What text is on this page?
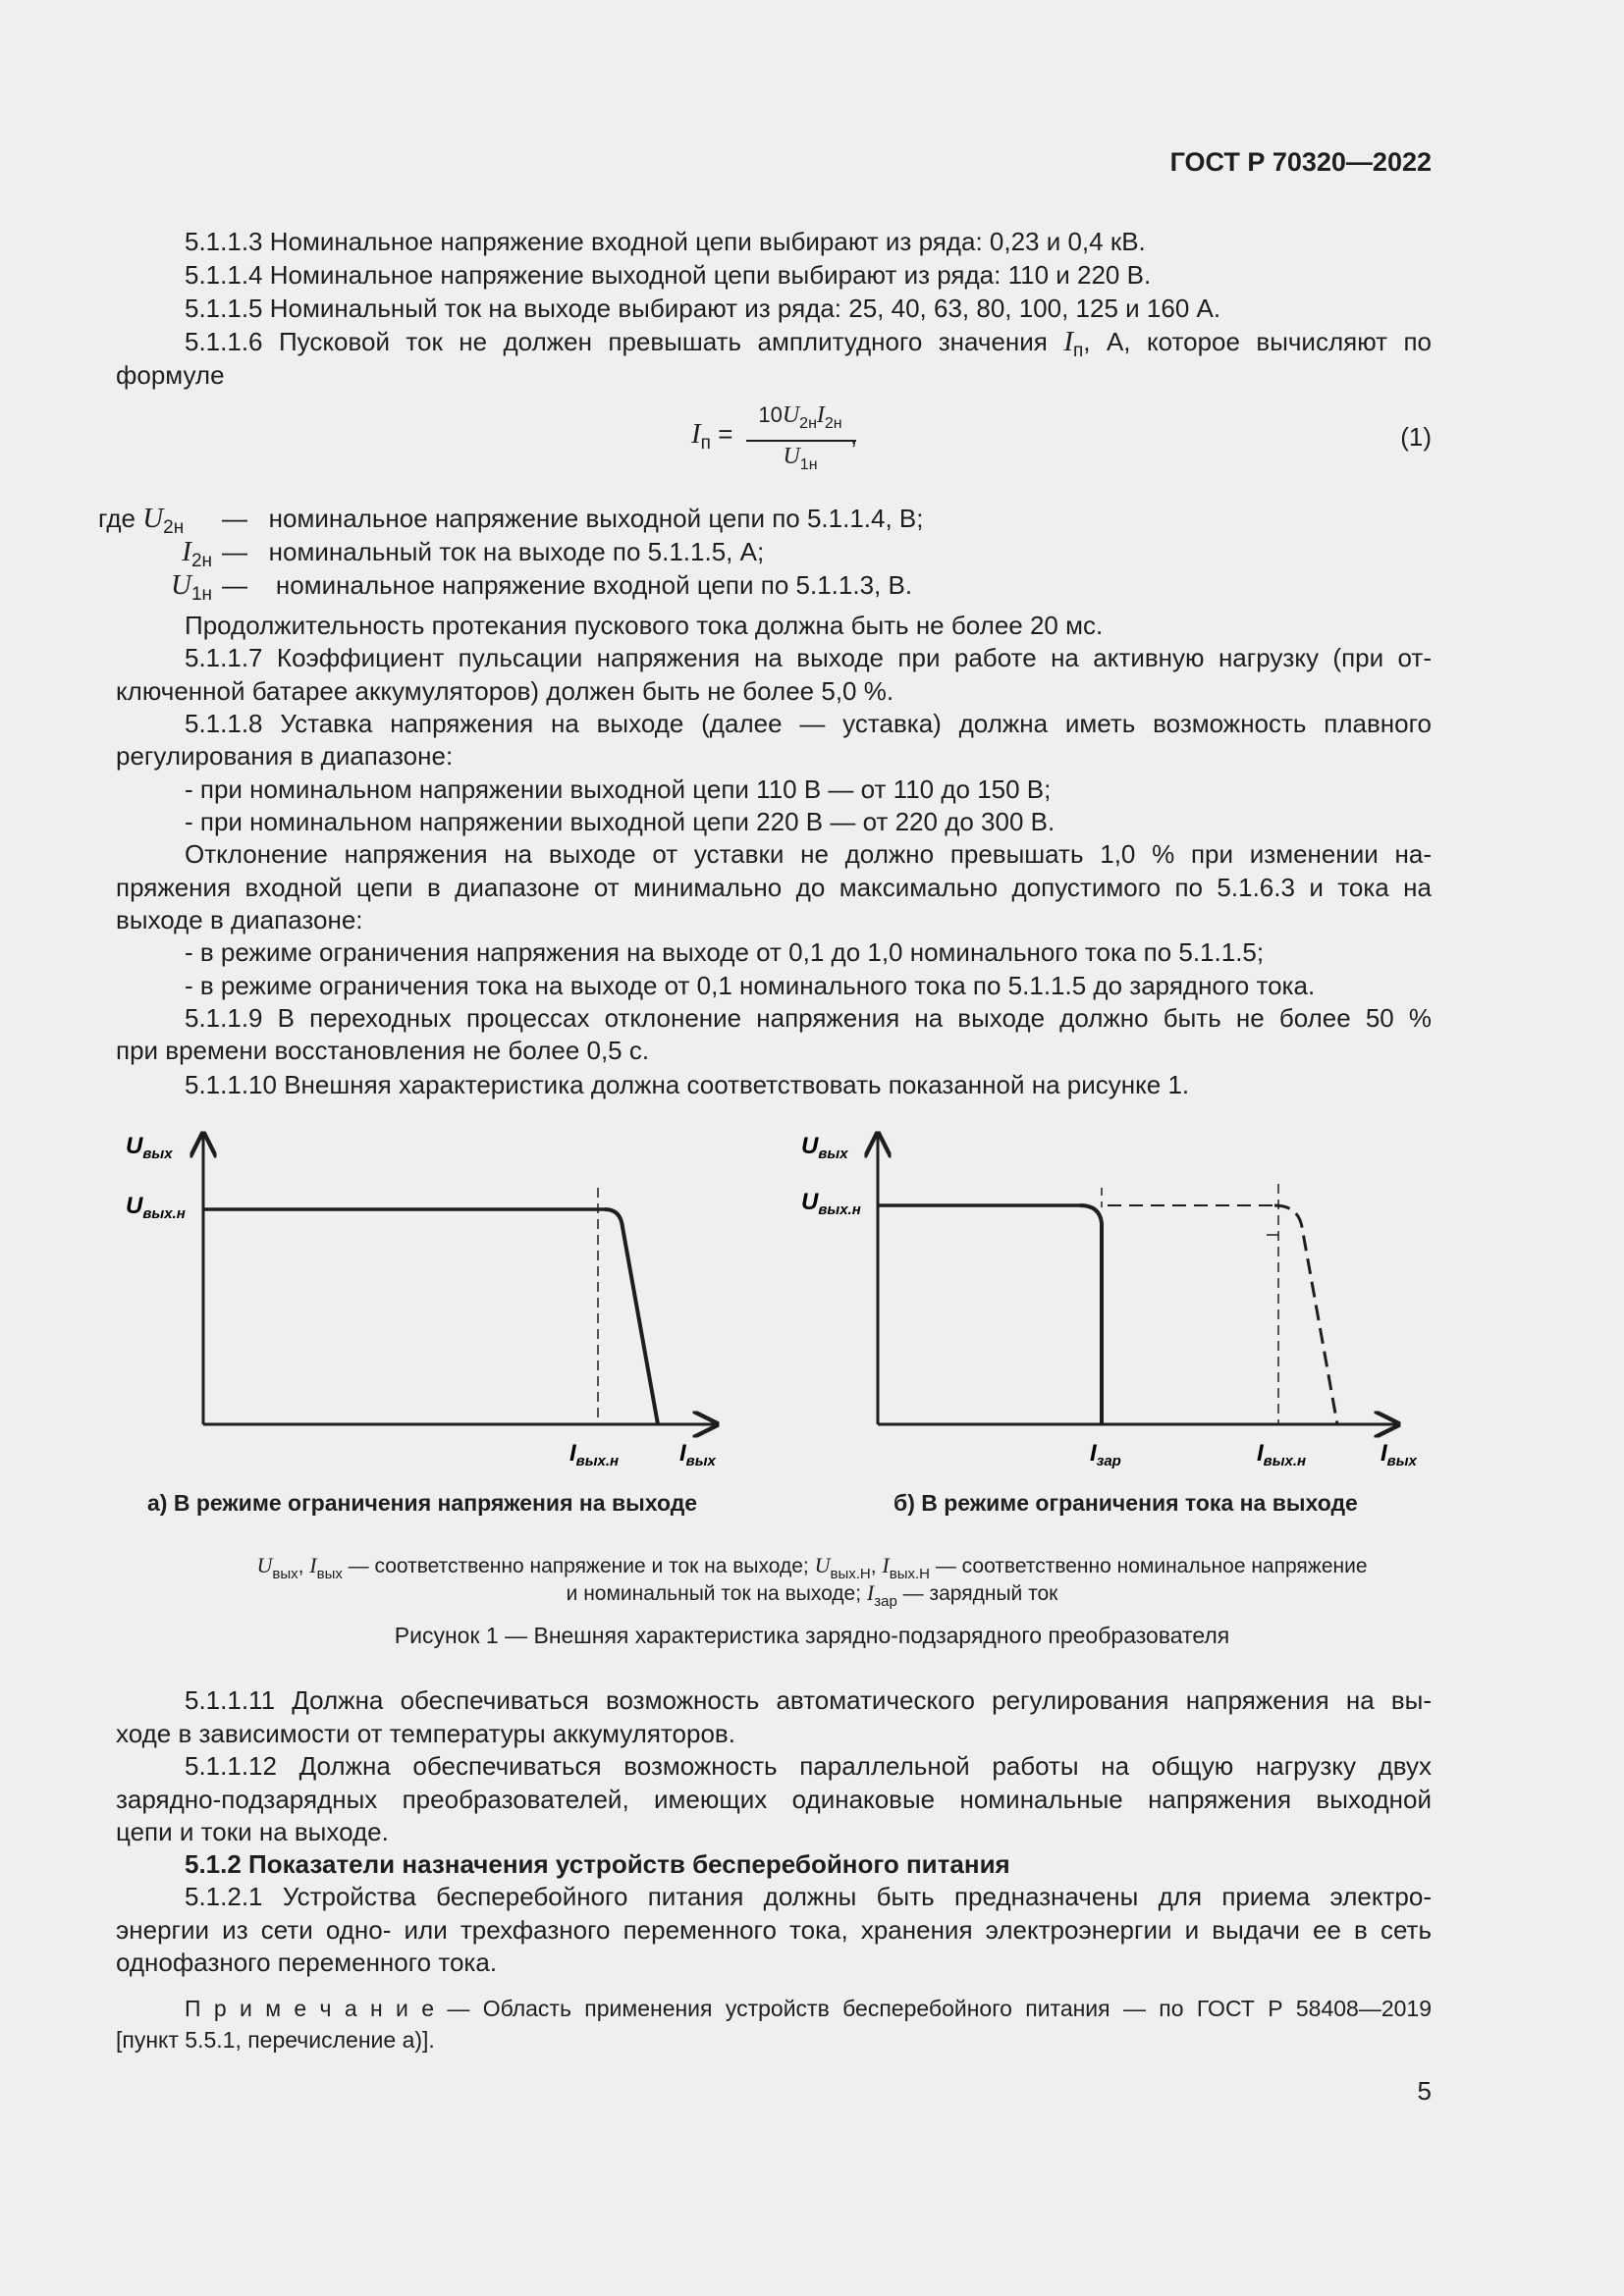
ГОСТ Р 70320—2022
5.1.1.3 Номинальное напряжение входной цепи выбирают из ряда: 0,23 и 0,4 кВ.
5.1.1.4 Номинальное напряжение выходной цепи выбирают из ряда: 110 и 220 В.
5.1.1.5 Номинальный ток на выходе выбирают из ряда: 25, 40, 63, 80, 100, 125 и 160 А.
5.1.1.6 Пусковой ток не должен превышать амплитудного значения $I_п$, А, которое вычисляют по
формуле
$I_п$ =
$10U_{2н}I_{2н}$
$U_{1н}$
,	(1)
где $U_{2н}$	— номинальное напряжение выходной цепи по 5.1.1.4, В;
$I_{2н}$ — номинальный ток на выходе по 5.1.1.5, А;
$U_{1н}$ — номинальное напряжение входной цепи по 5.1.1.3, В.
Продолжительность протекания пускового тока должна быть не более 20 мс.
5.1.1.7 Коэффициент пульсации напряжения на выходе при работе на активную нагрузку (при от-
ключенной батарее аккумуляторов) должен быть не более 5,0 %.
5.1.1.8 Уставка напряжения на выходе (далее — уставка) должна иметь возможность плавного
регулирования в диапазоне:
- при номинальном напряжении выходной цепи 110 В — от 110 до 150 В;
- при номинальном напряжении выходной цепи 220 В — от 220 до 300 В.
Отклонение напряжения на выходе от уставки не должно превышать 1,0 % при изменении на-
пряжения входной цепи в диапазоне от минимально до максимально допустимого по 5.1.6.3 и тока на
выходе в диапазоне:
- в режиме ограничения напряжения на выходе от 0,1 до 1,0 номинального тока по 5.1.1.5;
- в режиме ограничения тока на выходе от 0,1 номинального тока по 5.1.1.5 до зарядного тока.
5.1.1.9 В переходных процессах отклонение напряжения на выходе должно быть не более 50 %
при времени восстановления не более 0,5 с.
5.1.1.10 Внешняя характеристика должна соответствовать показанной на рисунке 1.
$U_{вых}$
$U_{вых.н}$
$I_{вых.н}$	$I_{вых}$
$U_{вых}$
$U_{вых.н}$
$I_{зар}$	$I_{вых.н}$	$I_{вых}$
а) В режиме ограничения напряжения на выходе	б) В режиме ограничения тока на выходе
$U_{вых}$, $I_{вых}$ — соответственно напряжение и ток на выходе; $U_{вых.Н}$, $I_{вых.Н}$ — соответственно номинальное напряжение
и номинальный ток на выходе; $I_{зар}$ — зарядный ток
Рисунок 1 — Внешняя характеристика зарядно-подзарядного преобразователя
5.1.1.11 Должна обеспечиваться возможность автоматического регулирования напряжения на вы-
ходе в зависимости от температуры аккумуляторов.
5.1.1.12 Должна обеспечиваться возможность параллельной работы на общую нагрузку двух
зарядно-подзарядных преобразователей, имеющих одинаковые номинальные напряжения выходной
цепи и токи на выходе.
5.1.2 Показатели назначения устройств бесперебойного питания
5.1.2.1 Устройства бесперебойного питания должны быть предназначены для приема электро-
энергии из сети одно- или трехфазного переменного тока, хранения электроэнергии и выдачи ее в сеть
однофазного переменного тока.
П р и м е ч а н и е — Область применения устройств бесперебойного питания — по ГОСТ Р 58408—2019
[пункт 5.5.1, перечисление а)].
5
